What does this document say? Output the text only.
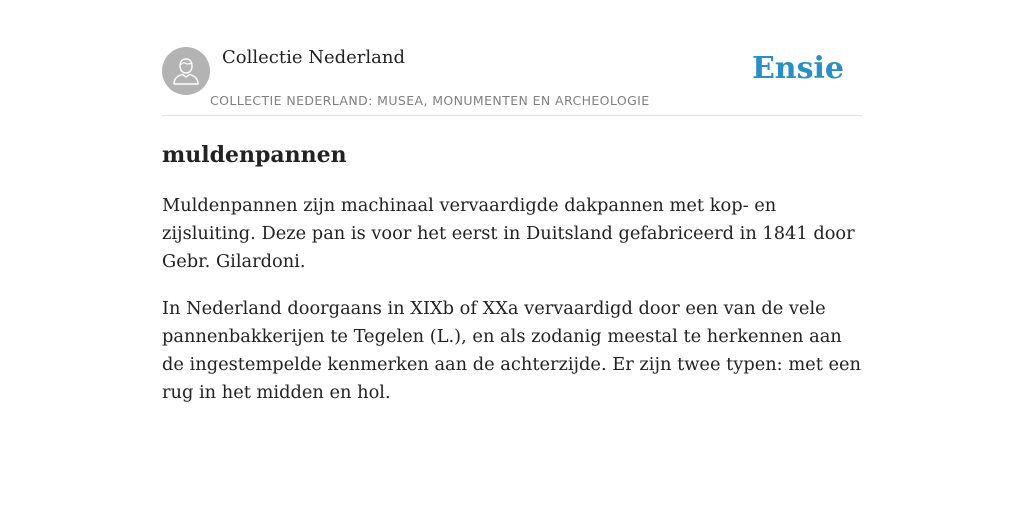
Collectie Nederland
COLLECTIE NEDERLAND: MUSEA, MONUMENTEN EN ARCHEOLOGIE
Ensie
muldenpannen

Muldenpannen zijn machinaal vervaardigde dakpannen met kop- en zijsluiting. Deze pan is voor het eerst in Duitsland gefabriceerd in 1841 door Gebr. Gilardoni.

In Nederland doorgaans in XIXb of XXa vervaardigd door een van de vele pannenbakkerijen te Tegelen (L.), en als zodanig meestal te herkennen aan de ingestempelde kenmerken aan de achterzijde. Er zijn twee typen: met een rug in het midden en hol.
